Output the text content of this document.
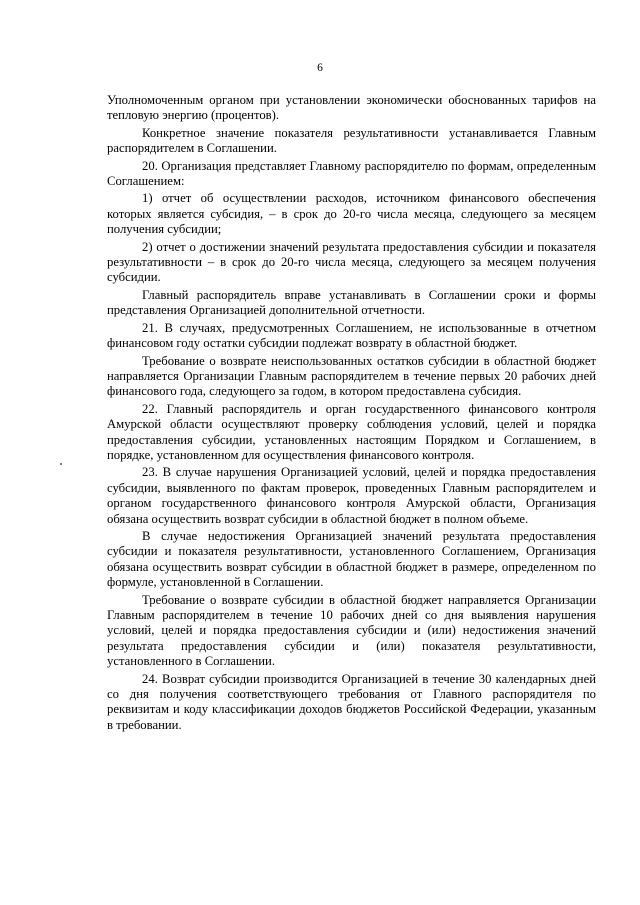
6

Уполномоченным органом при установлении экономически обоснованных тарифов на тепловую энергию (процентов).

Конкретное значение показателя результативности устанавливается Главным распорядителем в Соглашении.

20. Организация представляет Главному распорядителю по формам, определенным Соглашением:

1) отчет об осуществлении расходов, источником финансового обеспечения которых является субсидия, – в срок до 20-го числа месяца, следующего за месяцем получения субсидии;

2) отчет о достижении значений результата предоставления субсидии и показателя результативности – в срок до 20-го числа месяца, следующего за месяцем получения субсидии.

Главный распорядитель вправе устанавливать в Соглашении сроки и формы представления Организацией дополнительной отчетности.

21. В случаях, предусмотренных Соглашением, не использованные в отчетном финансовом году остатки субсидии подлежат возврату в областной бюджет.

Требование о возврате неиспользованных остатков субсидии в областной бюджет направляется Организации Главным распорядителем в течение первых 20 рабочих дней финансового года, следующего за годом, в котором предоставлена субсидия.

22. Главный распорядитель и орган государственного финансового контроля Амурской области осуществляют проверку соблюдения условий, целей и порядка предоставления субсидии, установленных настоящим Порядком и Соглашением, в порядке, установленном для осуществления финансового контроля.

23. В случае нарушения Организацией условий, целей и порядка предоставления субсидии, выявленного по фактам проверок, проведенных Главным распорядителем и органом государственного финансового контроля Амурской области, Организация обязана осуществить возврат субсидии в областной бюджет в полном объеме.

В случае недостижения Организацией значений результата предоставления субсидии и показателя результативности, установленного Соглашением, Организация обязана осуществить возврат субсидии в областной бюджет в размере, определенном по формуле, установленной в Соглашении.

Требование о возврате субсидии в областной бюджет направляется Организации Главным распорядителем в течение 10 рабочих дней со дня выявления нарушения условий, целей и порядка предоставления субсидии и (или) недостижения значений результата предоставления субсидии и (или) показателя результативности, установленного в Соглашении.

24. Возврат субсидии производится Организацией в течение 30 календарных дней со дня получения соответствующего требования от Главного распорядителя по реквизитам и коду классификации доходов бюджетов Российской Федерации, указанным в требовании.
